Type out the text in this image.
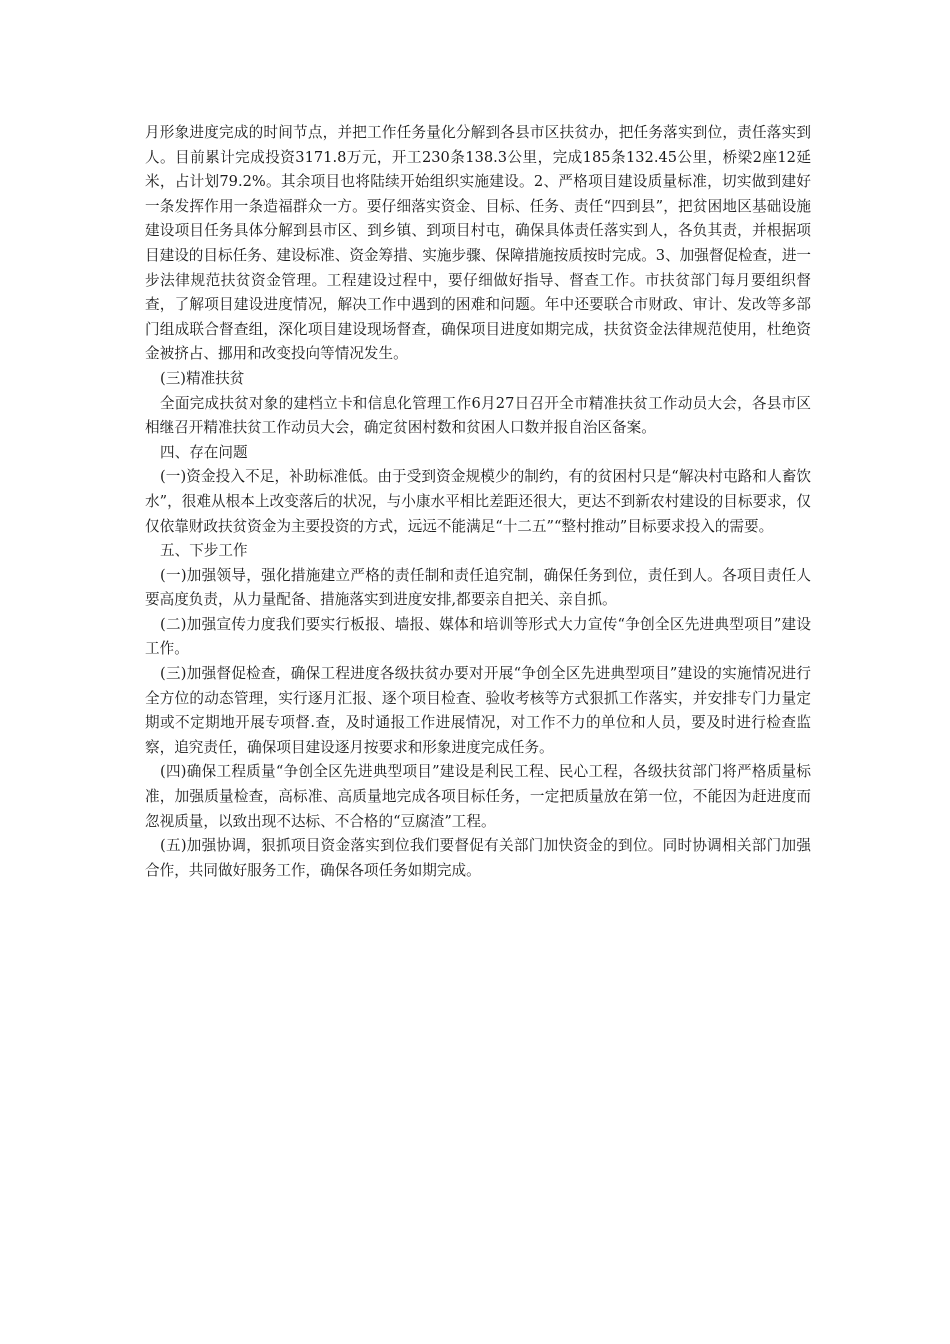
月形象进度完成的时间节点，并把工作任务量化分解到各县市区扶贫办，把任务落实到位，责任落实到人。目前累计完成投资3171.8万元，开工230条138.3公里，完成185条132.45公里，桥梁2座12延米，占计划79.2%。其余项目也将陆续开始组织实施建设。2、严格项目建设质量标准，切实做到建好一条发挥作用一条造福群众一方。要仔细落实资金、目标、任务、责任“四到县”，把贫困地区基础设施建设项目任务具体分解到县市区、到乡镇、到项目村屯，确保具体责任落实到人，各负其责，并根据项目建设的目标任务、建设标准、资金筹措、实施步骤、保障措施按质按时完成。3、加强督促检查，进一步法律规范扶贫资金管理。工程建设过程中，要仔细做好指导、督查工作。市扶贫部门每月要组织督查，了解项目建设进度情况，解决工作中遇到的困难和问题。年中还要联合市财政、审计、发改等多部门组成联合督查组，深化项目建设现场督查，确保项目进度如期完成，扶贫资金法律规范使用，杜绝资金被挤占、挪用和改变投向等情况发生。

(三)精准扶贫

全面完成扶贫对象的建档立卡和信息化管理工作6月27日召开全市精准扶贫工作动员大会，各县市区相继召开精准扶贫工作动员大会，确定贫困村数和贫困人口数并报自治区备案。

四、存在问题

(一)资金投入不足，补助标准低。由于受到资金规模少的制约，有的贫困村只是“解决村屯路和人畜饮水”，很难从根本上改变落后的状况，与小康水平相比差距还很大，更达不到新农村建设的目标要求，仅仅依靠财政扶贫资金为主要投资的方式，远远不能满足“十二五”“整村推动”目标要求投入的需要。

五、下步工作

(一)加强领导，强化措施建立严格的责任制和责任追究制，确保任务到位，责任到人。各项目责任人要高度负责，从力量配备、措施落实到进度安排,都要亲自把关、亲自抓。

(二)加强宣传力度我们要实行板报、墙报、媒体和培训等形式大力宣传“争创全区先进典型项目”建设工作。

(三)加强督促检查，确保工程进度各级扶贫办要对开展“争创全区先进典型项目”建设的实施情况进行全方位的动态管理，实行逐月汇报、逐个项目检查、验收考核等方式狠抓工作落实，并安排专门力量定期或不定期地开展专项督.查，及时通报工作进展情况，对工作不力的单位和人员，要及时进行检查监察，追究责任，确保项目建设逐月按要求和形象进度完成任务。

(四)确保工程质量“争创全区先进典型项目”建设是利民工程、民心工程，各级扶贫部门将严格质量标准，加强质量检查，高标准、高质量地完成各项目标任务，一定把质量放在第一位，不能因为赶进度而忽视质量，以致出现不达标、不合格的“豆腐渣”工程。

(五)加强协调，狠抓项目资金落实到位我们要督促有关部门加快资金的到位。同时协调相关部门加强合作，共同做好服务工作，确保各项任务如期完成。
